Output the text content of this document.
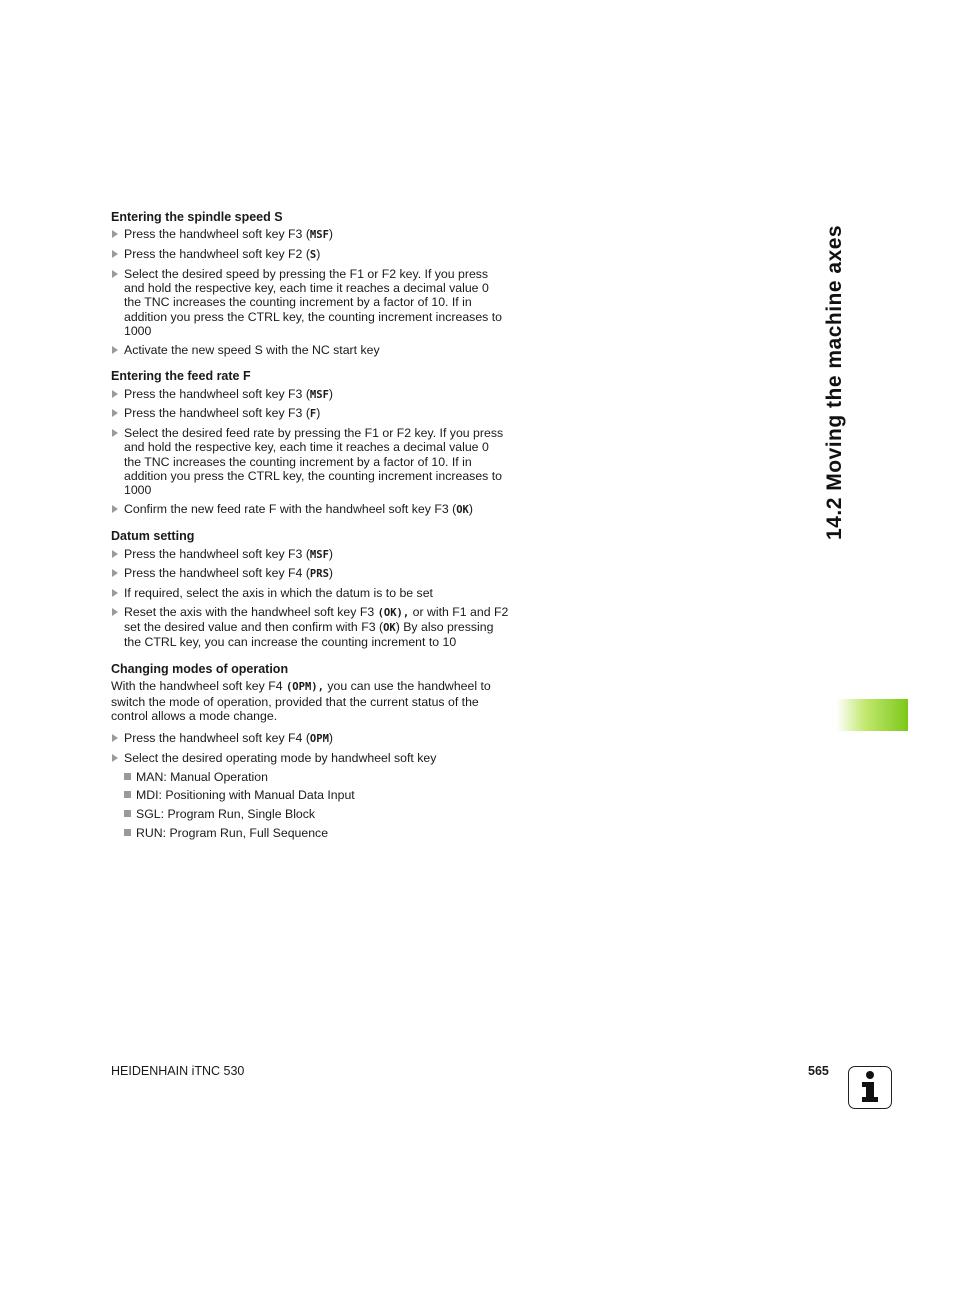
Entering the spindle speed S
Press the handwheel soft key F3 (MSF)
Press the handwheel soft key F2 (S)
Select the desired speed by pressing the F1 or F2 key. If you press and hold the respective key, each time it reaches a decimal value 0 the TNC increases the counting increment by a factor of 10. If in addition you press the CTRL key, the counting increment increases to 1000
Activate the new speed S with the NC start key
Entering the feed rate F
Press the handwheel soft key F3 (MSF)
Press the handwheel soft key F3 (F)
Select the desired feed rate by pressing the F1 or F2 key. If you press and hold the respective key, each time it reaches a decimal value 0 the TNC increases the counting increment by a factor of 10. If in addition you press the CTRL key, the counting increment increases to 1000
Confirm the new feed rate F with the handwheel soft key F3 (OK)
Datum setting
Press the handwheel soft key F3 (MSF)
Press the handwheel soft key F4 (PRS)
If required, select the axis in which the datum is to be set
Reset the axis with the handwheel soft key F3 (OK), or with F1 and F2 set the desired value and then confirm with F3 (OK) By also pressing the CTRL key, you can increase the counting increment to 10
Changing modes of operation
With the handwheel soft key F4 (OPM), you can use the handwheel to switch the mode of operation, provided that the current status of the control allows a mode change.
Press the handwheel soft key F4 (OPM)
Select the desired operating mode by handwheel soft key
MAN: Manual Operation
MDI: Positioning with Manual Data Input
SGL: Program Run, Single Block
RUN: Program Run, Full Sequence
14.2 Moving the machine axes
HEIDENHAIN iTNC 530	565
